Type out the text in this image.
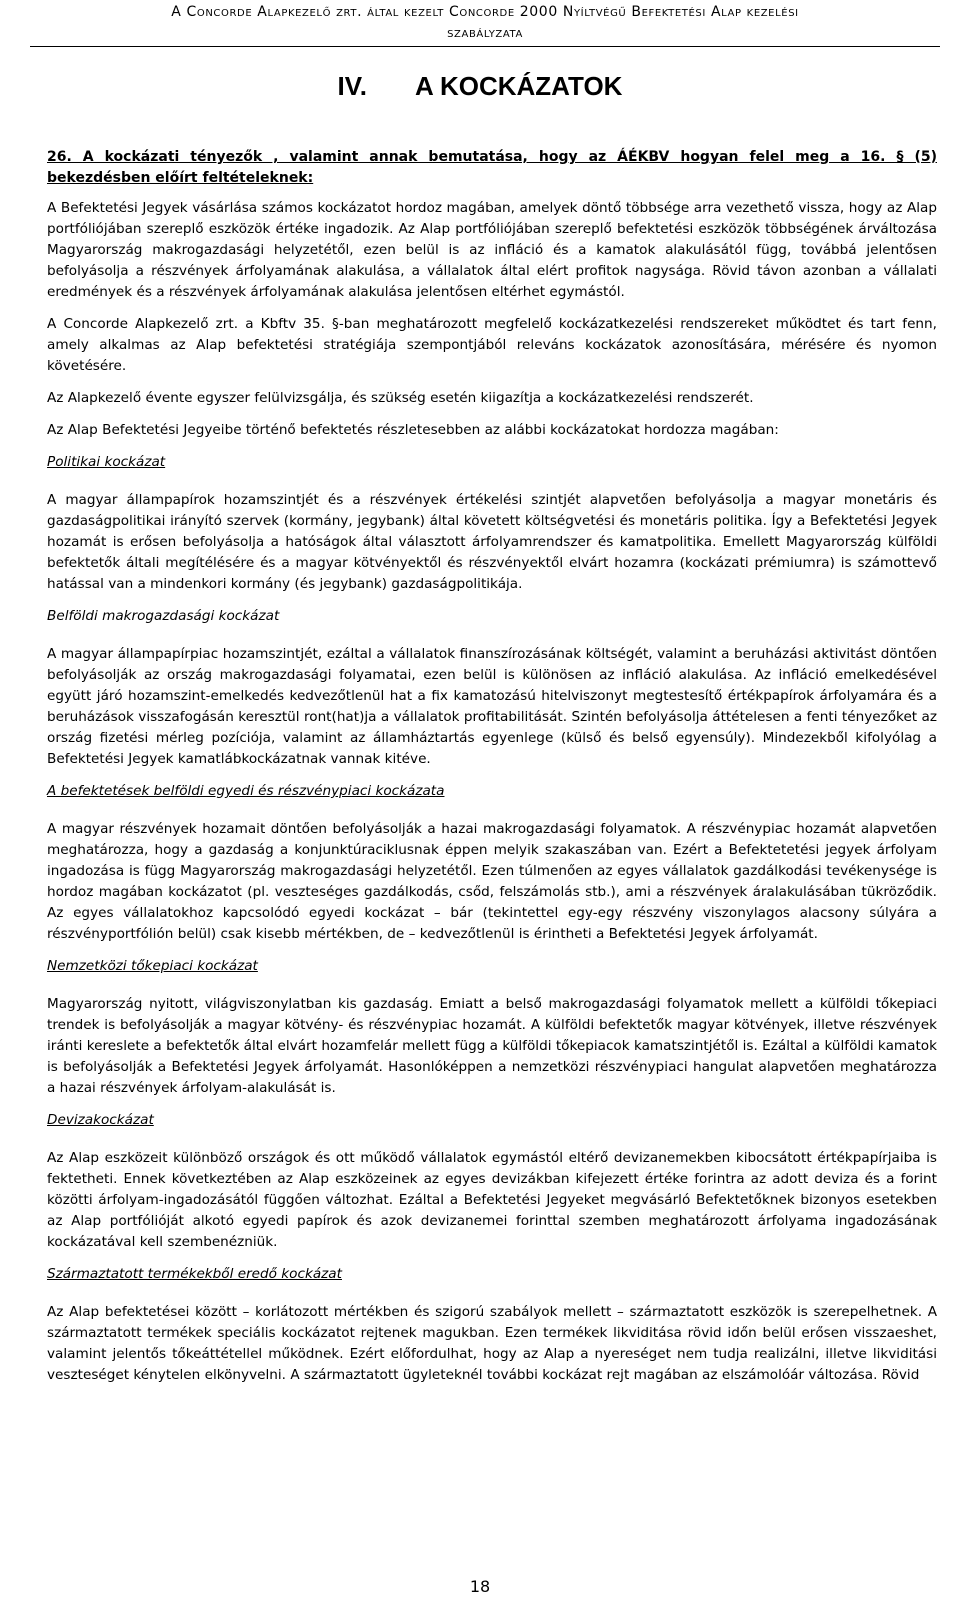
A Concorde Alapkezelő zrt. által kezelt Concorde 2000 Nyíltvégű Befektetési Alap kezelési
szabályzata
IV. A KOCKÁZATOK

26. A kockázati tényezők , valamint annak bemutatása, hogy az ÁÉKBV hogyan felel meg a 16. § (5) bekezdésben előírt feltételeknek:

A Befektetési Jegyek vásárlása számos kockázatot hordoz magában, amelyek döntő többsége arra vezethető vissza, hogy az Alap portfóliójában szereplő eszközök értéke ingadozik. Az Alap portfóliójában szereplő befektetési eszközök többségének árváltozása Magyarország makrogazdasági helyzetétől, ezen belül is az infláció és a kamatok alakulásától függ, továbbá jelentősen befolyásolja a részvények árfolyamának alakulása, a vállalatok által elért profitok nagysága. Rövid távon azonban a vállalati eredmények és a részvények árfolyamának alakulása jelentősen eltérhet egymástól.

A Concorde Alapkezelő zrt. a Kbftv 35. §-ban meghatározott megfelelő kockázatkezelési rendszereket működtet és tart fenn, amely alkalmas az Alap befektetési stratégiája szempontjából releváns kockázatok azonosítására, mérésére és nyomon követésére.

Az Alapkezelő évente egyszer felülvizsgálja, és szükség esetén kiigazítja a kockázatkezelési rendszerét.

Az Alap Befektetési Jegyeibe történő befektetés részletesebben az alábbi kockázatokat hordozza magában:

Politikai kockázat

A magyar állampapírok hozamszintjét és a részvények értékelési szintjét alapvetően befolyásolja a magyar monetáris és gazdaságpolitikai irányító szervek (kormány, jegybank) által követett költségvetési és monetáris politika. Így a Befektetési Jegyek hozamát is erősen befolyásolja a hatóságok által választott árfolyamrendszer és kamatpolitika. Emellett Magyarország külföldi befektetők általi megítélésére és a magyar kötvényektől és részvényektől elvárt hozamra (kockázati prémiumra) is számottevő hatással van a mindenkori kormány (és jegybank) gazdaságpolitikája.

Belföldi makrogazdasági kockázat

A magyar állampapírpiac hozamszintjét, ezáltal a vállalatok finanszírozásának költségét, valamint a beruházási aktivitást döntően befolyásolják az ország makrogazdasági folyamatai, ezen belül is különösen az infláció alakulása. Az infláció emelkedésével együtt járó hozamszint-emelkedés kedvezőtlenül hat a fix kamatozású hitelviszonyt megtestesítő értékpapírok árfolyamára és a beruházások visszafogásán keresztül ront(hat)ja a vállalatok profitabilitását. Szintén befolyásolja áttételesen a fenti tényezőket az ország fizetési mérleg pozíciója, valamint az államháztartás egyenlege (külső és belső egyensúly). Mindezekből kifolyólag a Befektetési Jegyek kamatlábkockázatnak vannak kitéve.

A befektetések belföldi egyedi és részvénypiaci kockázata

A magyar részvények hozamait döntően befolyásolják a hazai makrogazdasági folyamatok. A részvénypiac hozamát alapvetően meghatározza, hogy a gazdaság a konjunktúraciklusnak éppen melyik szakaszában van. Ezért a Befektetetési jegyek árfolyam ingadozása is függ Magyarország makrogazdasági helyzetétől. Ezen túlmenően az egyes vállalatok gazdálkodási tevékenysége is hordoz magában kockázatot (pl. veszteséges gazdálkodás, csőd, felszámolás stb.), ami a részvények áralakulásában tükröződik. Az egyes vállalatokhoz kapcsolódó egyedi kockázat – bár (tekintettel egy-egy részvény viszonylagos alacsony súlyára a részvényportfólión belül) csak kisebb mértékben, de – kedvezőtlenül is érintheti a Befektetési Jegyek árfolyamát.

Nemzetközi tőkepiaci kockázat

Magyarország nyitott, világviszonylatban kis gazdaság. Emiatt a belső makrogazdasági folyamatok mellett a külföldi tőkepiaci trendek is befolyásolják a magyar kötvény- és részvénypiac hozamát. A külföldi befektetők magyar kötvények, illetve részvények iránti kereslete a befektetők által elvárt hozamfelár mellett függ a külföldi tőkepiacok kamatszintjétől is. Ezáltal a külföldi kamatok is befolyásolják a Befektetési Jegyek árfolyamát. Hasonlóképpen a nemzetközi részvénypiaci hangulat alapvetően meghatározza a hazai részvények árfolyam-alakulását is.

Devizakockázat

Az Alap eszközeit különböző országok és ott működő vállalatok egymástól eltérő devizanemekben kibocsátott értékpapírjaiba is fektetheti. Ennek következtében az Alap eszközeinek az egyes devizákban kifejezett értéke forintra az adott deviza és a forint közötti árfolyam-ingadozásától függően változhat. Ezáltal a Befektetési Jegyeket megvásárló Befektetőknek bizonyos esetekben az Alap portfólióját alkotó egyedi papírok és azok devizanemei forinttal szemben meghatározott árfolyama ingadozásának kockázatával kell szembenézniük.

Származtatott termékekből eredő kockázat

Az Alap befektetései között – korlátozott mértékben és szigorú szabályok mellett – származtatott eszközök is szerepelhetnek. A származtatott termékek speciális kockázatot rejtenek magukban. Ezen termékek likviditása rövid időn belül erősen visszaeshet, valamint jelentős tőkeáttétellel működnek. Ezért előfordulhat, hogy az Alap a nyereséget nem tudja realizálni, illetve likviditási veszteséget kénytelen elkönyvelni. A származtatott ügyleteknél további kockázat rejt magában az elszámolóár változása. Rövid

18
